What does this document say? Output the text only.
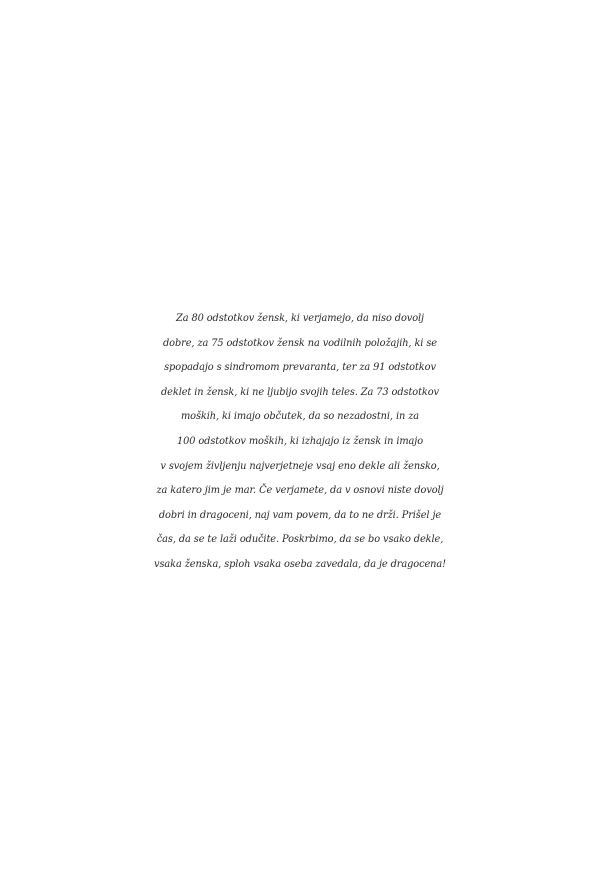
Za 80 odstotkov žensk, ki verjamejo, da niso dovolj
dobre, za 75 odstotkov žensk na vodilnih položajih, ki se
spopadajo s sindromom prevaranta, ter za 91 odstotkov
deklet in žensk, ki ne ljubijo svojih teles. Za 73 odstotkov
moških, ki imajo občutek, da so nezadostni, in za
100 odstotkov moških, ki izhajajo iz žensk in imajo
v svojem življenju najverjetneje vsaj eno dekle ali žensko,
za katero jim je mar. Če verjamete, da v osnovi niste dovolj
dobri in dragoceni, naj vam povem, da to ne drži. Prišel je
čas, da se te laži odučite. Poskrbimo, da se bo vsako dekle,
vsaka ženska, sploh vsaka oseba zavedala, da je dragocena!
